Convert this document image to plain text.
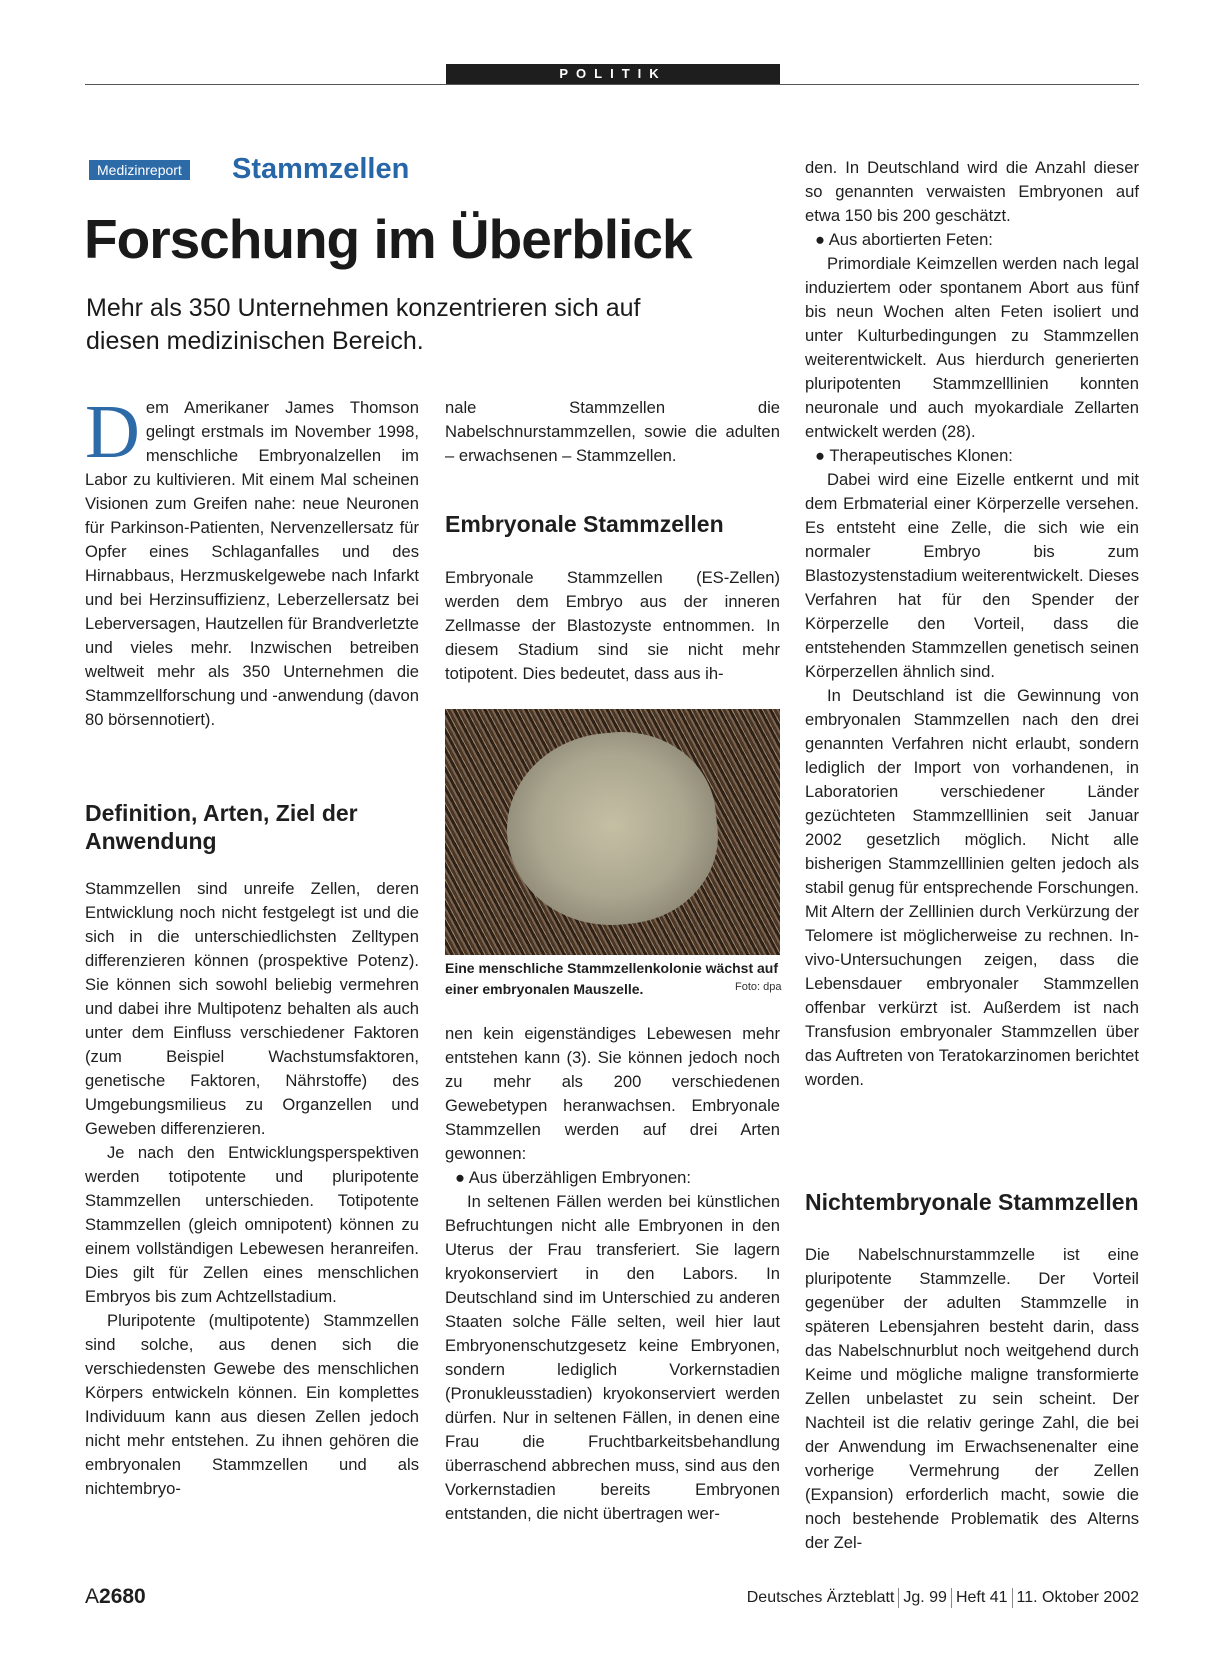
POLITIK
Medizinreport Stammzellen
Forschung im Überblick
Mehr als 350 Unternehmen konzentrieren sich auf diesen medizinischen Bereich.

Dem Amerikaner James Thomson gelingt erstmals im November 1998, menschliche Embryonalzellen im Labor zu kultivieren. Mit einem Mal scheinen Visionen zum Greifen nahe: neue Neuronen für Parkinson-Patienten, Nervenzellersatz für Opfer eines Schlaganfalles und des Hirnabbaus, Herzmuskelgewebe nach Infarkt und bei Herzinsuffizienz, Leberzellersatz bei Leberversagen, Hautzellen für Brandverletzte und vieles mehr. Inzwischen betreiben weltweit mehr als 350 Unternehmen die Stammzellforschung und -anwendung (davon 80 börsennotiert).

Definition, Arten, Ziel der Anwendung

Stammzellen sind unreife Zellen, deren Entwicklung noch nicht festgelegt ist und die sich in die unterschiedlichsten Zelltypen differenzieren können (prospektive Potenz). Sie können sich sowohl beliebig vermehren und dabei ihre Multipotenz behalten als auch unter dem Einfluss verschiedener Faktoren (zum Beispiel Wachstumsfaktoren, genetische Faktoren, Nährstoffe) des Umgebungsmilieus zu Organzellen und Geweben differenzieren.

Je nach den Entwicklungsperspektiven werden totipotente und pluripotente Stammzellen unterschieden. Totipotente Stammzellen (gleich omnipotent) können zu einem vollständigen Lebewesen heranreifen. Dies gilt für Zellen eines menschlichen Embryos bis zum Achtzellstadium.

Pluripotente (multipotente) Stammzellen sind solche, aus denen sich die verschiedensten Gewebe des menschlichen Körpers entwickeln können. Ein komplettes Individuum kann aus diesen Zellen jedoch nicht mehr entstehen. Zu ihnen gehören die embryonalen Stammzellen und als nichtembryo-

nale Stammzellen die Nabelschnurstammzellen, sowie die adulten – erwachsenen – Stammzellen.

Embryonale Stammzellen

Embryonale Stammzellen (ES-Zellen) werden dem Embryo aus der inneren Zellmasse der Blastozyste entnommen. In diesem Stadium sind sie nicht mehr totipotent. Dies bedeutet, dass aus ih-

Eine menschliche Stammzellenkolonie wächst auf einer embryonalen Mauszelle.	Foto: dpa

nen kein eigenständiges Lebewesen mehr entstehen kann (3). Sie können jedoch noch zu mehr als 200 verschiedenen Gewebetypen heranwachsen. Embryonale Stammzellen werden auf drei Arten gewonnen:

● Aus überzähligen Embryonen:

In seltenen Fällen werden bei künstlichen Befruchtungen nicht alle Embryonen in den Uterus der Frau transferiert. Sie lagern kryokonserviert in den Labors. In Deutschland sind im Unterschied zu anderen Staaten solche Fälle selten, weil hier laut Embryonenschutzgesetz keine Embryonen, sondern lediglich Vorkernstadien (Pronukleusstadien) kryokonserviert werden dürfen. Nur in seltenen Fällen, in denen eine Frau die Fruchtbarkeitsbehandlung überraschend abbrechen muss, sind aus den Vorkernstadien bereits Embryonen entstanden, die nicht übertragen wer-

den. In Deutschland wird die Anzahl dieser so genannten verwaisten Embryonen auf etwa 150 bis 200 geschätzt.

● Aus abortierten Feten:

Primordiale Keimzellen werden nach legal induziertem oder spontanem Abort aus fünf bis neun Wochen alten Feten isoliert und unter Kulturbedingungen zu Stammzellen weiterentwickelt. Aus hierdurch generierten pluripotenten Stammzelllinien konnten neuronale und auch myokardiale Zellarten entwickelt werden (28).

● Therapeutisches Klonen:

Dabei wird eine Eizelle entkernt und mit dem Erbmaterial einer Körperzelle versehen. Es entsteht eine Zelle, die sich wie ein normaler Embryo bis zum Blastozystenstadium weiterentwickelt. Dieses Verfahren hat für den Spender der Körperzelle den Vorteil, dass die entstehenden Stammzellen genetisch seinen Körperzellen ähnlich sind.

In Deutschland ist die Gewinnung von embryonalen Stammzellen nach den drei genannten Verfahren nicht erlaubt, sondern lediglich der Import von vorhandenen, in Laboratorien verschiedener Länder gezüchteten Stammzelllinien seit Januar 2002 gesetzlich möglich. Nicht alle bisherigen Stammzelllinien gelten jedoch als stabil genug für entsprechende Forschungen. Mit Altern der Zelllinien durch Verkürzung der Telomere ist möglicherweise zu rechnen. In-vivo-Untersuchungen zeigen, dass die Lebensdauer embryonaler Stammzellen offenbar verkürzt ist. Außerdem ist nach Transfusion embryonaler Stammzellen über das Auftreten von Teratokarzinomen berichtet worden.

Nichtembryonale Stammzellen

Die Nabelschnurstammzelle ist eine pluripotente Stammzelle. Der Vorteil gegenüber der adulten Stammzelle in späteren Lebensjahren besteht darin, dass das Nabelschnurblut noch weitgehend durch Keime und mögliche maligne transformierte Zellen unbelastet zu sein scheint. Der Nachteil ist die relativ geringe Zahl, die bei der Anwendung im Erwachsenenalter eine vorherige Vermehrung der Zellen (Expansion) erforderlich macht, sowie die noch bestehende Problematik des Alterns der Zel-

A2680	Deutsches Ärzteblatt Jg. 99 Heft 41 11. Oktober 2002
